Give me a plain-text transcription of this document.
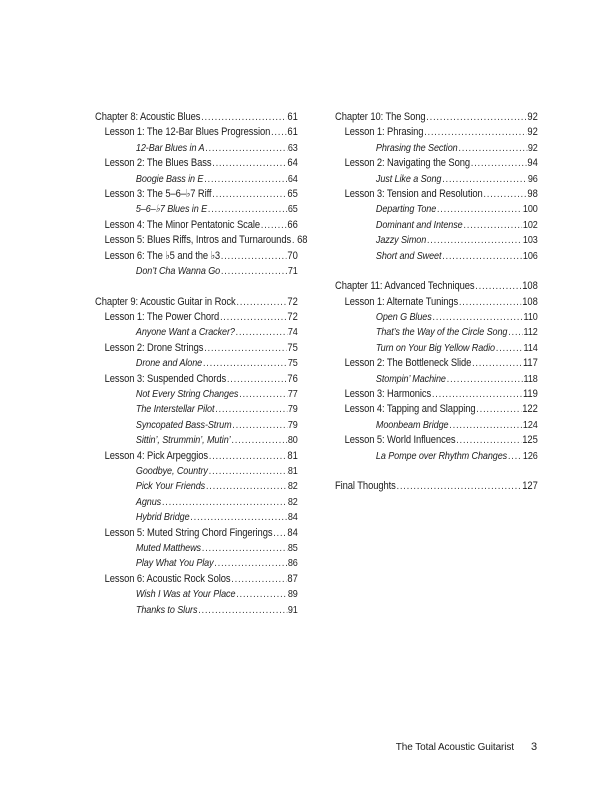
Chapter 8: Acoustic Blues .....	61
Lesson 1: The 12-Bar Blues Progression ..... 61
12-Bar Blues in A .....	63
Lesson 2: The Blues Bass .....	64
Boogie Bass in E .....	64
Lesson 3: The 5–6–♭7 Riff .....	65
5–6–♭7 Blues in E .....	65
Lesson 4: The Minor Pentatonic Scale .....	66
Lesson 5: Blues Riffs, Intros and Turnarounds ..... 68
Lesson 6: The ♭5 and the ♭3 .....	70
Don’t Cha Wanna Go .....	71
Chapter 9: Acoustic Guitar in Rock .....	72
Lesson 1: The Power Chord .....	72
Anyone Want a Cracker? .....	74
Lesson 2: Drone Strings .....	75
Drone and Alone .....	75
Lesson 3: Suspended Chords .....	76
Not Every String Changes .....	77
The Interstellar Pilot .....	79
Syncopated Bass-Strum .....	79
Sittin’, Strummin’, Mutin’ .....	80
Lesson 4: Pick Arpeggios .....	81
Goodbye, Country .....	81
Pick Your Friends .....	82
Agnus .....	82
Hybrid Bridge .....	84
Lesson 5: Muted String Chord Fingerings ..... 84
Muted Matthews .....	85
Play What You Play .....	86
Lesson 6: Acoustic Rock Solos .....	87
Wish I Was at Your Place .....	89
Thanks to Slurs .....	91
Chapter 10: The Song .....	92
Lesson 1: Phrasing .....	92
Phrasing the Section .....	92
Lesson 2: Navigating the Song .....	94
Just Like a Song .....	96
Lesson 3: Tension and Resolution .....	98
Departing Tone .....	100
Dominant and Intense .....	102
Jazzy Simon .....	103
Short and Sweet .....	106
Chapter 11: Advanced Techniques .....	108
Lesson 1: Alternate Tunings .....	108
Open G Blues .....	110
That’s the Way of the Circle Song ..... 112
Turn on Your Big Yellow Radio .....	114
Lesson 2: The Bottleneck Slide .....	117
Stompin’ Machine .....	118
Lesson 3: Harmonics .....	119
Lesson 4: Tapping and Slapping .....	122
Moonbeam Bridge .....	124
Lesson 5: World Influences .....	125
La Pompe over Rhythm Changes ..... 126
Final Thoughts .....	127
The Total Acoustic Guitarist 3
